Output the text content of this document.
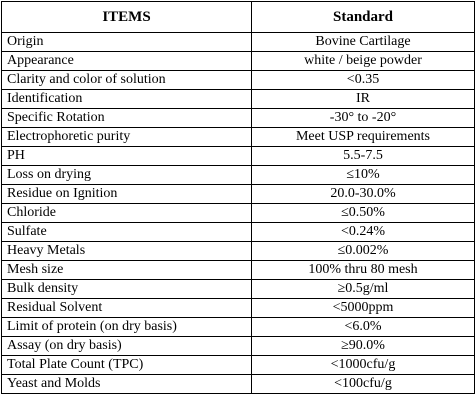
ITEMS	Standard
Origin	Bovine Cartilage
Appearance	white / beige powder
Clarity and color of solution	<0.35
Identification	IR
Specific Rotation	-30° to -20°
Electrophoretic purity	Meet USP requirements
PH	5.5-7.5
Loss on drying	≤10%
Residue on Ignition	20.0-30.0%
Chloride	≤0.50%
Sulfate	<0.24%
Heavy Metals	≤0.002%
Mesh size	100% thru 80 mesh
Bulk density	≥0.5g/ml
Residual Solvent	<5000ppm
Limit of protein (on dry basis)	<6.0%
Assay (on dry basis)	≥90.0%
Total Plate Count (TPC)	<1000cfu/g
Yeast and Molds	<100cfu/g
